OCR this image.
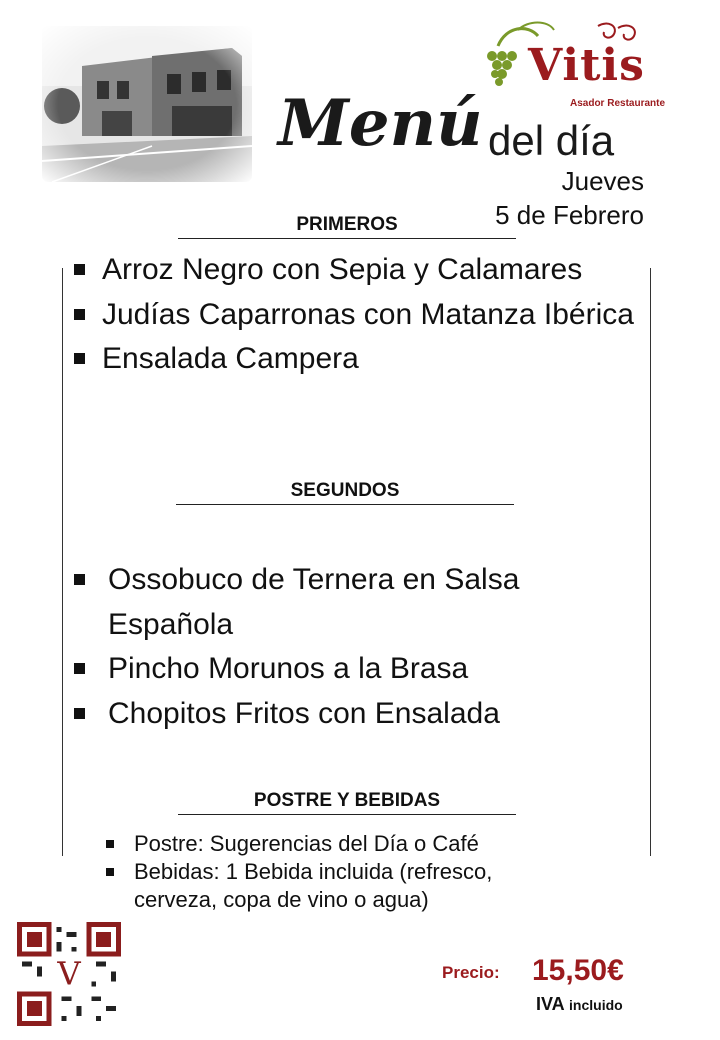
Vitis
Asador Restaurante
Menú del día
Jueves
5 de Febrero
PRIMEROS
Arroz Negro con Sepia y Calamares
Judías Caparronas con Matanza Ibérica
Ensalada Campera
SEGUNDOS
Ossobuco de Ternera en Salsa Española
Pincho Morunos a la Brasa
Chopitos Fritos con Ensalada
POSTRE Y BEBIDAS
Postre: Sugerencias del Día o Café
Bebidas: 1 Bebida incluida (refresco, cerveza, copa de vino o agua)
V	Precio: 15,50€
IVA incluido
